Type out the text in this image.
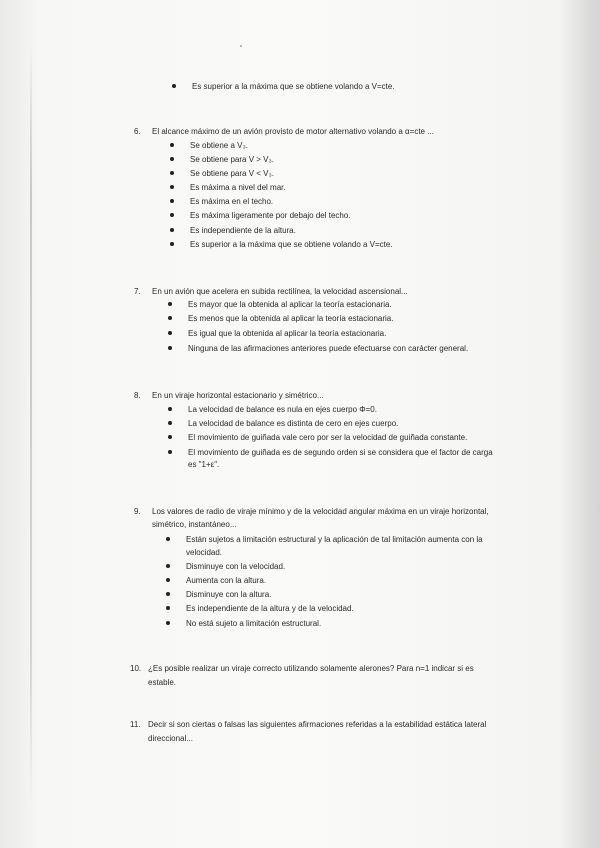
Es superior a la máxima que se obtiene volando a V=cte.
6. El alcance máximo de un avión provisto de motor alternativo volando a α=cte ...
Se obtiene a V₃.
Se obtiene para V > V₃.
Se obtiene para V < V₃.
Es máxima a nivel del mar.
Es máxima en el techo.
Es máxima ligeramente por debajo del techo.
Es independiente de la altura.
Es superior a la máxima que se obtiene volando a V=cte.
7. En un avión que acelera en subida rectilínea, la velocidad ascensional...
Es mayor que la obtenida al aplicar la teoría estacionaria.
Es menos que la obtenida al aplicar la teoría estacionaria.
Es igual que la obtenida al aplicar la teoría estacionaria.
Ninguna de las afirmaciones anteriores puede efectuarse con carácter general.
8. En un viraje horizontal estacionario y simétrico...
La velocidad de balance es nula en ejes cuerpo Φ=0.
La velocidad de balance es distinta de cero en ejes cuerpo.
El movimiento de guiñada vale cero por ser la velocidad de guiñada constante.
El movimiento de guiñada es de segundo orden si se considera que el factor de carga
es "1+ε".
9. Los valores de radio de viraje mínimo y de la velocidad angular máxima en un viraje horizontal,
simétrico, instantáneo...
Están sujetos a limitación estructural y la aplicación de tal limitación aumenta con la
velocidad.
Disminuye con la velocidad.
Aumenta con la altura.
Disminuye con la altura.
Es independiente de la altura y de la velocidad.
No está sujeto a limitación estructural.
10. ¿Es posible realizar un viraje correcto utilizando solamente alerones? Para n=1 indicar si es
estable.
11. Decir si son ciertas o falsas las siguientes afirmaciones referidas a la estabilidad estática lateral
direccional...
